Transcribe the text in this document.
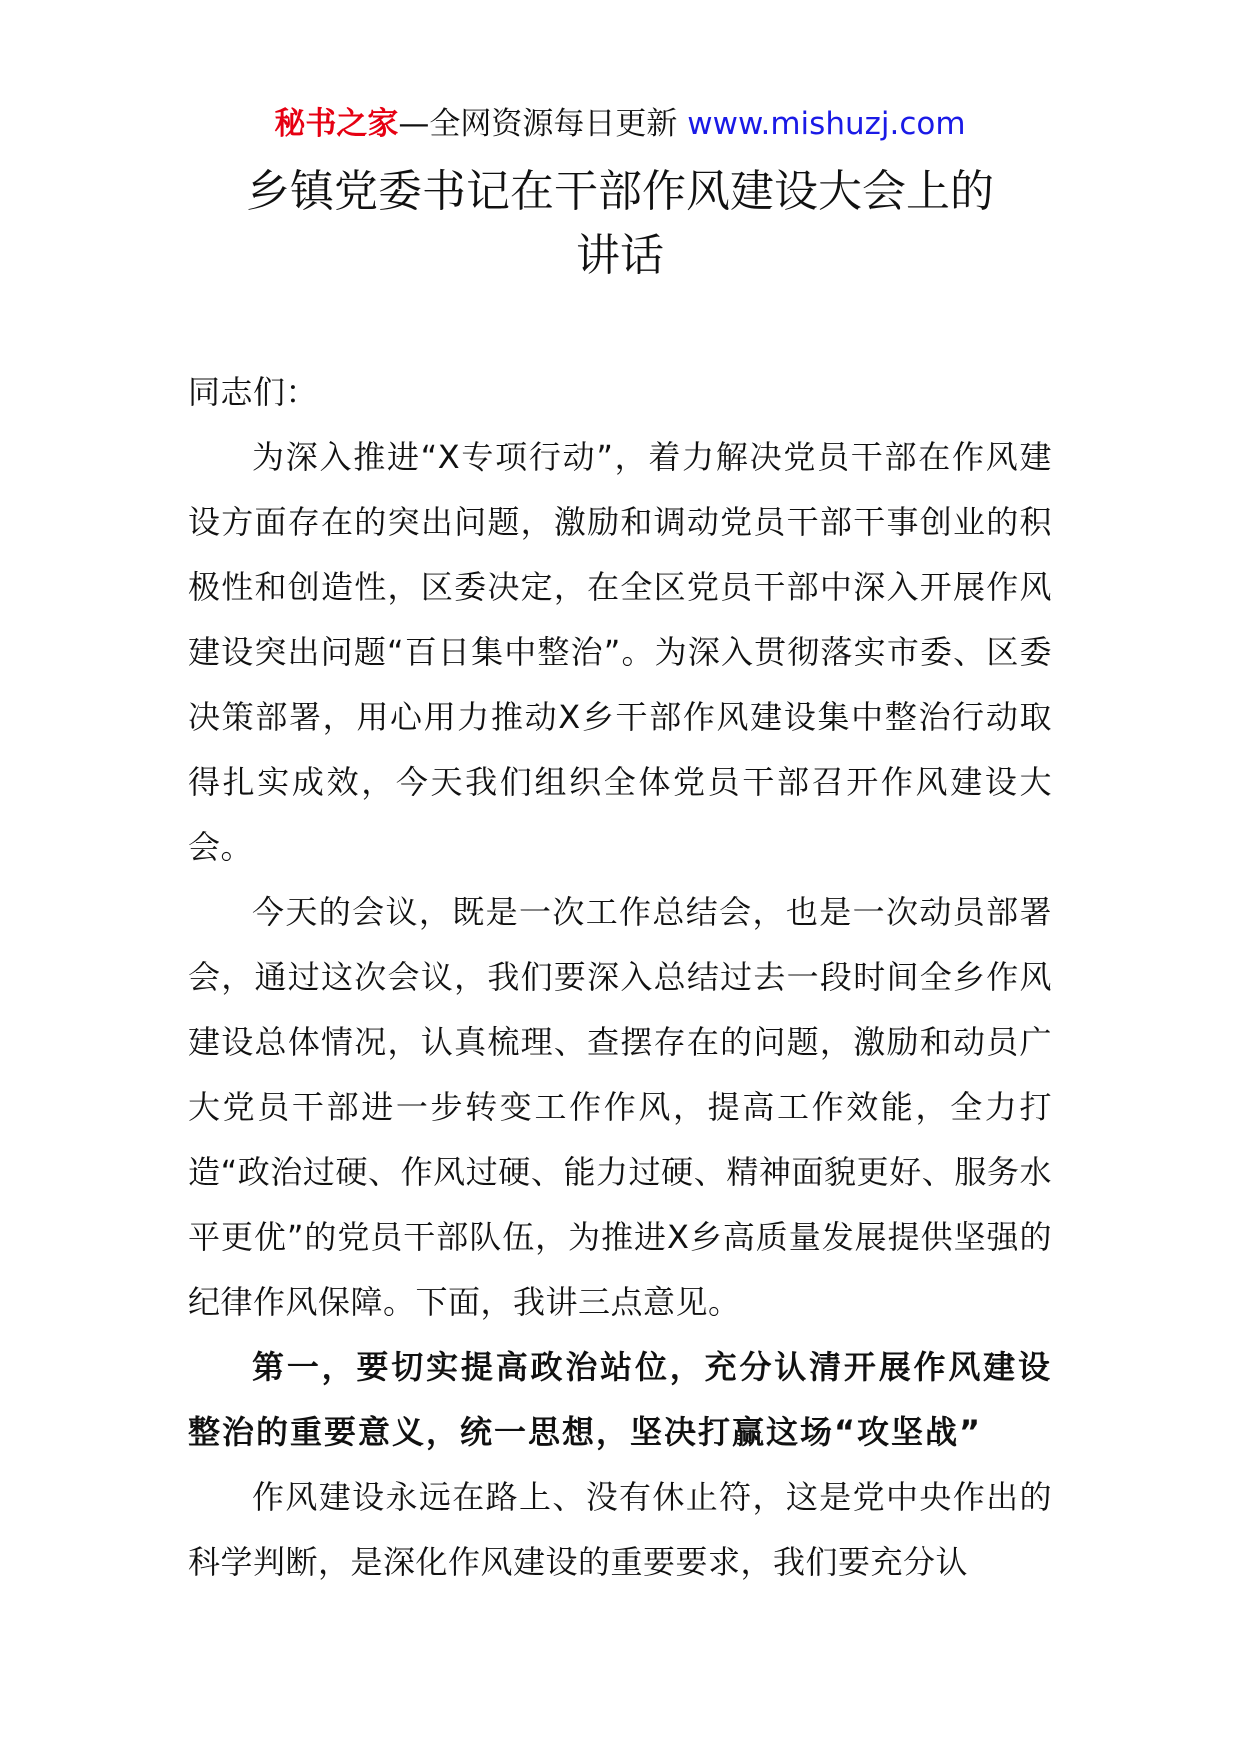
秘书之家—全网资源每日更新 www.mishuzj.com
乡镇党委书记在干部作风建设大会上的
讲话

同志们：

为深入推进“X专项行动”，着力解决党员干部在作风建设方面存在的突出问题，激励和调动党员干部干事创业的积极性和创造性，区委决定，在全区党员干部中深入开展作风建设突出问题“百日集中整治”。为深入贯彻落实市委、区委决策部署，用心用力推动X乡干部作风建设集中整治行动取得扎实成效，今天我们组织全体党员干部召开作风建设大会。

今天的会议，既是一次工作总结会，也是一次动员部署会，通过这次会议，我们要深入总结过去一段时间全乡作风建设总体情况，认真梳理、查摆存在的问题，激励和动员广大党员干部进一步转变工作作风，提高工作效能，全力打造“政治过硬、作风过硬、能力过硬、精神面貌更好、服务水平更优”的党员干部队伍，为推进X乡高质量发展提供坚强的纪律作风保障。下面，我讲三点意见。

第一，要切实提高政治站位，充分认清开展作风建设整治的重要意义，统一思想，坚决打赢这场“攻坚战”

作风建设永远在路上、没有休止符，这是党中央作出的科学判断，是深化作风建设的重要要求，我们要充分认
